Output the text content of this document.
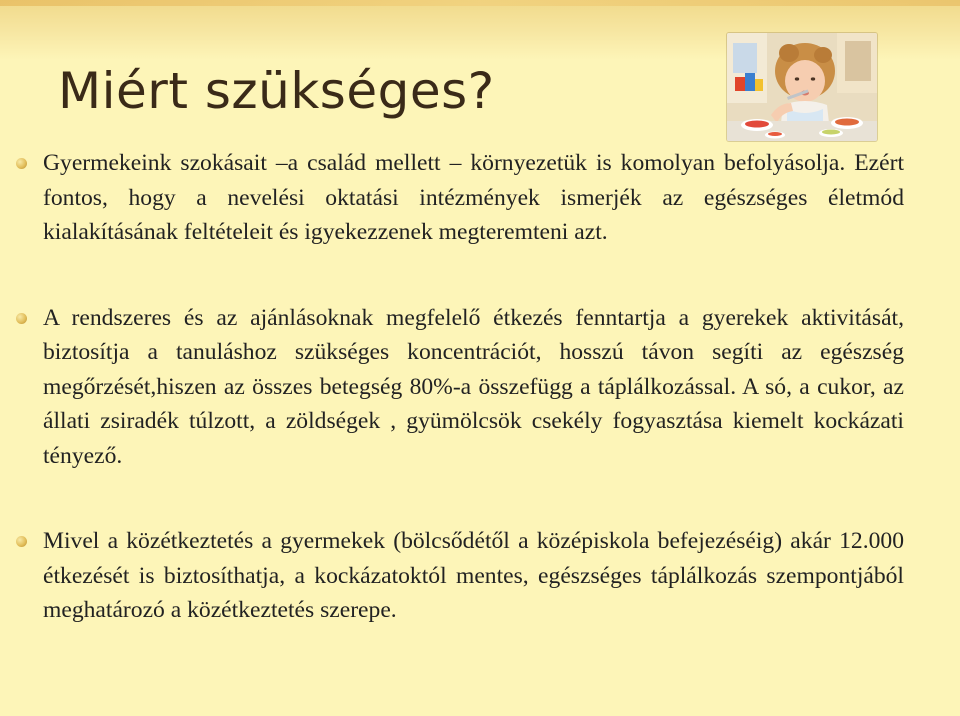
Miért szükséges?
Gyermekeink szokásait –a család mellett – környezetük is komolyan befolyásolja. Ezért fontos, hogy a nevelési oktatási intézmények ismerjék az egészséges életmód kialakításának feltételeit és igyekezzenek megteremteni azt.
A rendszeres és az ajánlásoknak megfelelő étkezés fenntartja a gyerekek aktivitását, biztosítja a tanuláshoz szükséges koncentrációt, hosszú távon segíti az egészség megőrzését,hiszen az összes betegség 80%-a összefügg a táplálkozással. A só, a cukor, az állati zsiradék túlzott, a zöldségek , gyümölcsök csekély fogyasztása kiemelt kockázati tényező.
Mivel a közétkeztetés a gyermekek (bölcsődétől a középiskola befejezéséig) akár 12.000 étkezését is biztosíthatja, a kockázatoktól mentes, egészséges táplálkozás szempontjából meghatározó a közétkeztetés szerepe.
